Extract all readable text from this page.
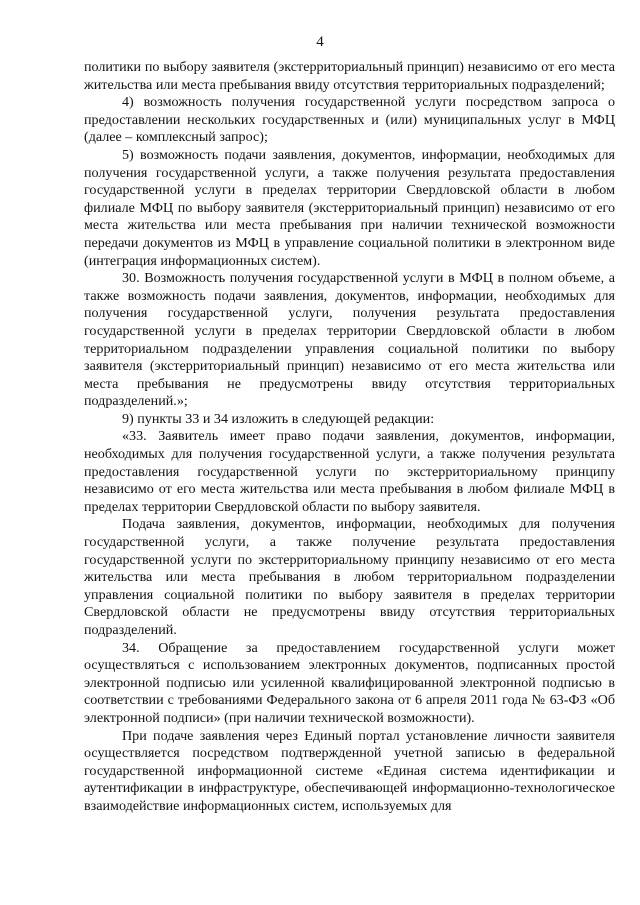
4

политики по выбору заявителя (экстерриториальный принцип) независимо от его места жительства или места пребывания ввиду отсутствия территориальных подразделений;

4) возможность получения государственной услуги посредством запроса о предоставлении нескольких государственных и (или) муниципальных услуг в МФЦ (далее – комплексный запрос);

5) возможность подачи заявления, документов, информации, необходимых для получения государственной услуги, а также получения результата предоставления государственной услуги в пределах территории Свердловской области в любом филиале МФЦ по выбору заявителя (экстерриториальный принцип) независимо от его места жительства или места пребывания при наличии технической возможности передачи документов из МФЦ в управление социальной политики в электронном виде (интеграция информационных систем).

30. Возможность получения государственной услуги в МФЦ в полном объеме, а также возможность подачи заявления, документов, информации, необходимых для получения государственной услуги, получения результата предоставления государственной услуги в пределах территории Свердловской области в любом территориальном подразделении управления социальной политики по выбору заявителя (экстерриториальный принцип) независимо от его места жительства или места пребывания не предусмотрены ввиду отсутствия территориальных подразделений.»;

9) пункты 33 и 34 изложить в следующей редакции:

«33. Заявитель имеет право подачи заявления, документов, информации, необходимых для получения государственной услуги, а также получения результата предоставления государственной услуги по экстерриториальному принципу независимо от его места жительства или места пребывания в любом филиале МФЦ в пределах территории Свердловской области по выбору заявителя.

Подача заявления, документов, информации, необходимых для получения государственной услуги, а также получение результата предоставления государственной услуги по экстерриториальному принципу независимо от его места жительства или места пребывания в любом территориальном подразделении управления социальной политики по выбору заявителя в пределах территории Свердловской области не предусмотрены ввиду отсутствия территориальных подразделений.

34. Обращение за предоставлением государственной услуги может осуществляться с использованием электронных документов, подписанных простой электронной подписью или усиленной квалифицированной электронной подписью в соответствии с требованиями Федерального закона от 6 апреля 2011 года № 63-ФЗ «Об электронной подписи» (при наличии технической возможности).

При подаче заявления через Единый портал установление личности заявителя осуществляется посредством подтвержденной учетной записью в федеральной государственной информационной системе «Единая система идентификации и аутентификации в инфраструктуре, обеспечивающей информационно-технологическое взаимодействие информационных систем, используемых для
